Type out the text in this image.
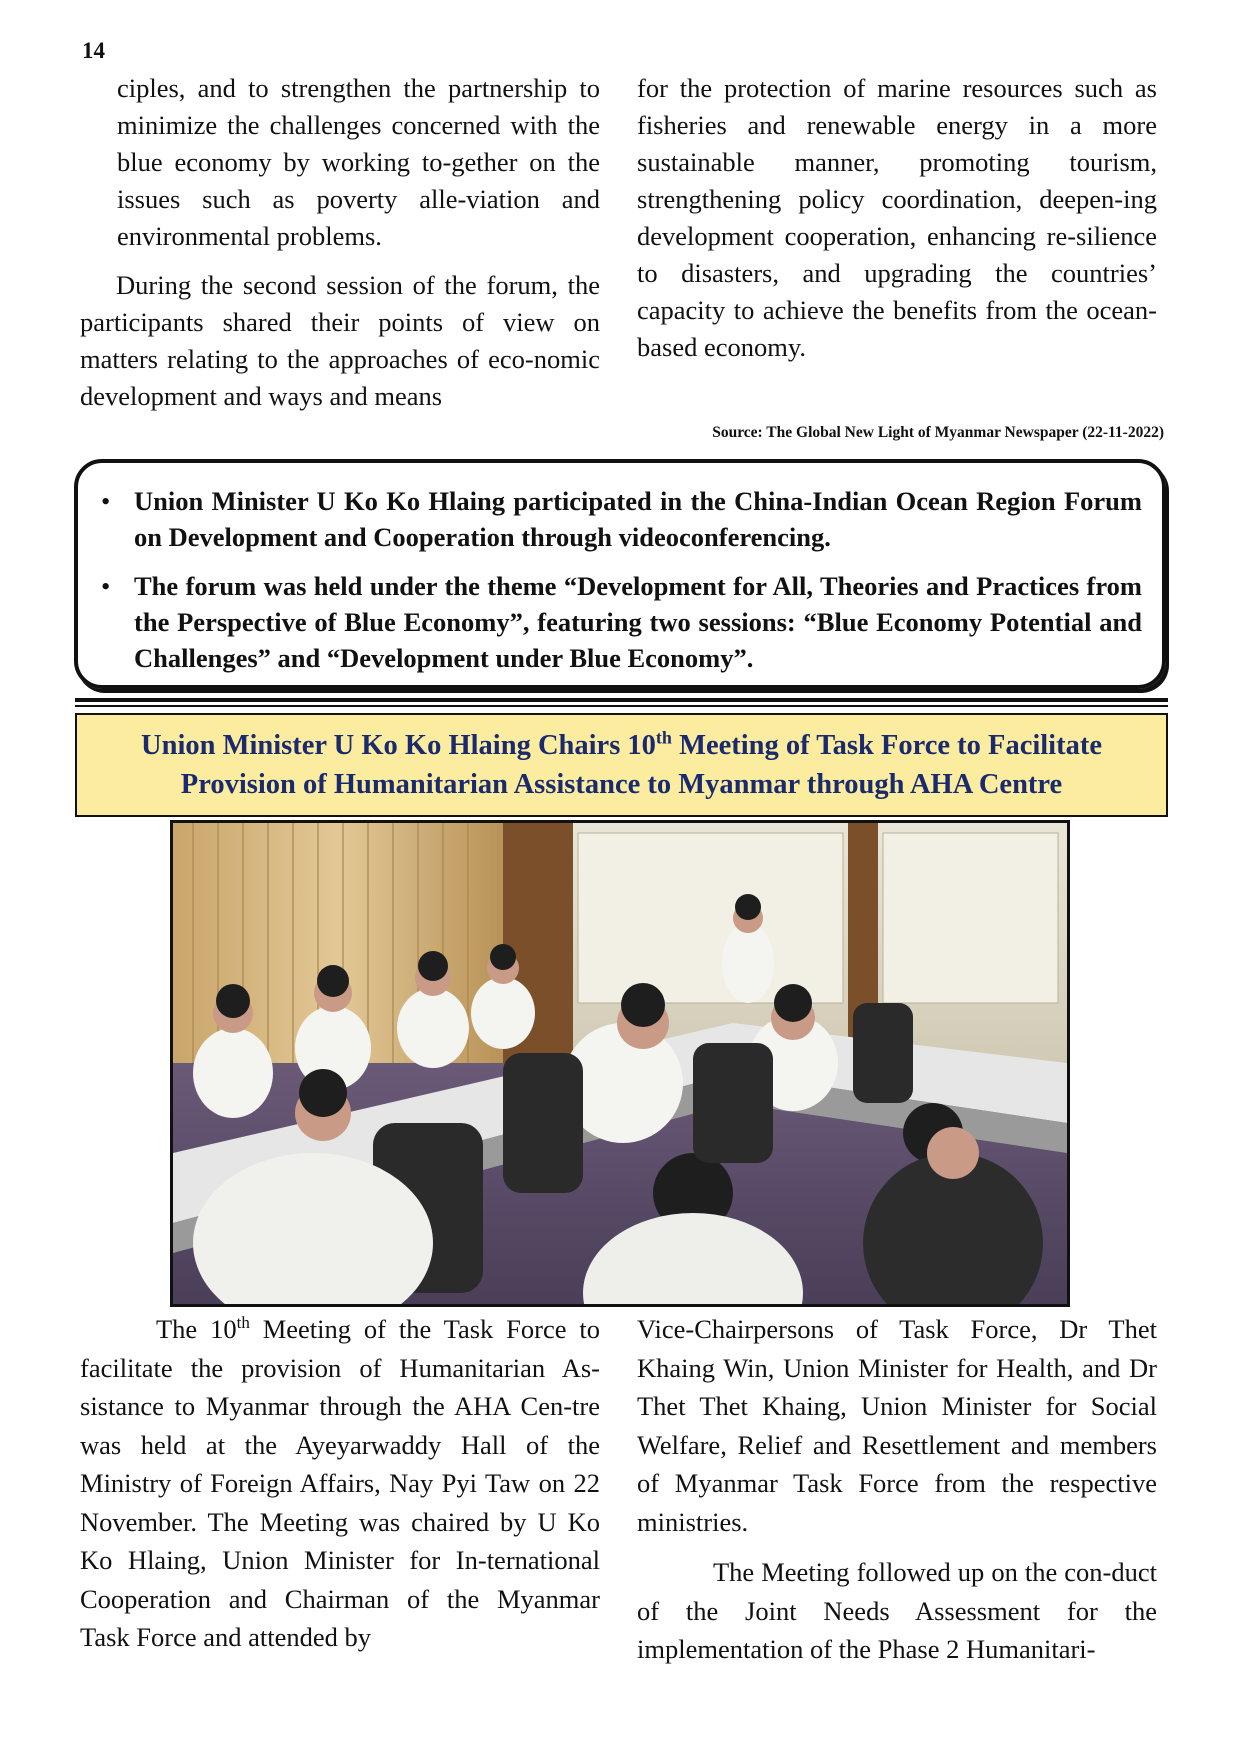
14

ciples, and to strengthen the partnership to minimize the challenges concerned with the blue economy by working to-gether on the issues such as poverty alle-viation and environmental problems.

During the second session of the forum, the participants shared their points of view on matters relating to the approaches of eco-nomic development and ways and means

for the protection of marine resources such as fisheries and renewable energy in a more sustainable manner, promoting tourism, strengthening policy coordination, deepen-ing development cooperation, enhancing re-silience to disasters, and upgrading the countries’ capacity to achieve the benefits from the ocean-based economy.

Source: The Global New Light of Myanmar Newspaper (22-11-2022)
• Union Minister U Ko Ko Hlaing participated in the China-Indian Ocean Region Forum on Development and Cooperation through videoconferencing.
• The forum was held under the theme “Development for All, Theories and Practices from the Perspective of Blue Economy”, featuring two sessions: “Blue Economy Potential and Challenges” and “Development under Blue Economy”.
Union Minister U Ko Ko Hlaing Chairs 10th Meeting of Task Force to Facilitate
Provision of Humanitarian Assistance to Myanmar through AHA Centre

The 10th Meeting of the Task Force to facilitate the provision of Humanitarian As-sistance to Myanmar through the AHA Cen-tre was held at the Ayeyarwaddy Hall of the Ministry of Foreign Affairs, Nay Pyi Taw on 22 November. The Meeting was chaired by U Ko Ko Hlaing, Union Minister for In-ternational Cooperation and Chairman of the Myanmar Task Force and attended by

Vice-Chairpersons of Task Force, Dr Thet Khaing Win, Union Minister for Health, and Dr Thet Thet Khaing, Union Minister for Social Welfare, Relief and Resettlement and members of Myanmar Task Force from the respective ministries.

The Meeting followed up on the con-duct of the Joint Needs Assessment for the implementation of the Phase 2 Humanitari-
